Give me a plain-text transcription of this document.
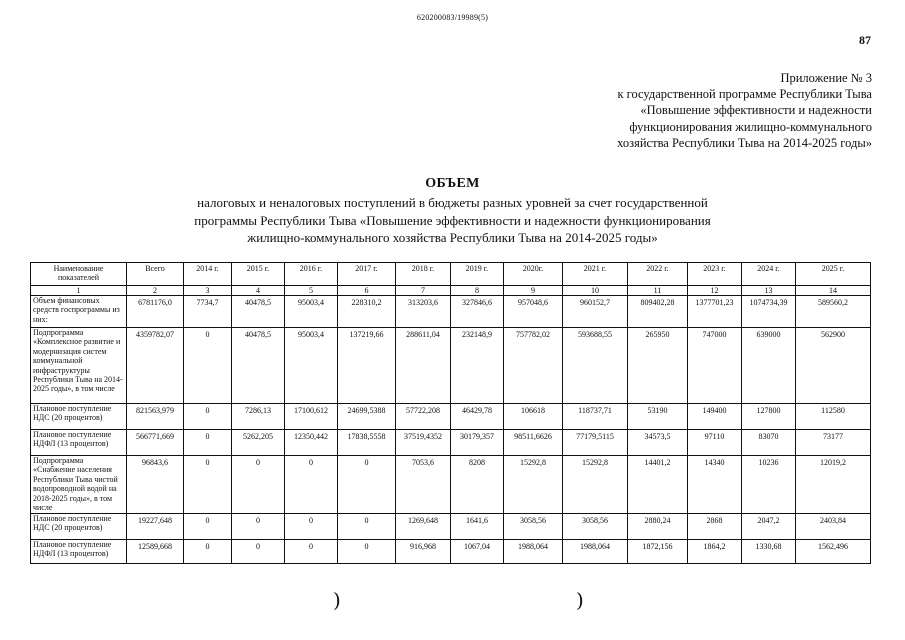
620200083/19989(5)
87
Приложение № 3
к государственной программе Республики Тыва
«Повышение эффективности и надежности
функционирования жилищно-коммунального
хозяйства Республики Тыва на 2014-2025 годы»
ОБЪЕМ
налоговых и неналоговых поступлений в бюджеты разных уровней за счет государственной
программы Республики Тыва «Повышение эффективности и надежности функционирования
жилищно-коммунального хозяйства Республики Тыва на 2014-2025 годы»
Наименование показателей	Всего	2014 г.	2015 г.	2016 г.	2017 г.	2018 г.	2019 г.	2020г.	2021 г.	2022 г.	2023 г.	2024 г.	2025 г.
1	2	3	4	5	6	7	8	9	10	11	12	13	14
Объем финансовых средств госпрограммы из них:	6781176,0	7734,7	40478,5	95003,4	228310,2	313203,6	327846,6	957048,6	960152,7	809402,28	1377701,23	1074734,39	589560,2
Подпрограмма «Комплексное развитие и модернизация систем коммунальной инфраструктуры Республики Тыва на 2014-2025 годы», в том числе	4359782,07	0	40478,5	95003,4	137219,66	288611,04	232148,9	757782,02	593688,55	265950	747000	639000	562900
Плановое поступление НДС (20 процентов)	821563,979	0	7286,13	17100,612	24699,5388	57722,208	46429,78	106618	118737,71	53190	149400	127800	112580
Плановое поступление НДФЛ (13 процентов)	566771,669	0	5262,205	12350,442	17838,5558	37519,4352	30179,357	98511,6626	77179,5115	34573,5	97110	83070	73177
Подпрограмма «Снабжение населения Республики Тыва чистой водопроводной водой на 2018-2025 годы», в том числе	96843,6	0	0	0	0	7053,6	8208	15292,8	15292,8	14401,2	14340	10236	12019,2
Плановое поступление НДС (20 процентов)	19227,648	0	0	0	0	1269,648	1641,6	3058,56	3058,56	2880,24	2868	2047,2	2403,84
Плановое поступление НДФЛ (13 процентов)	12589,668	0	0	0	0	916,968	1067,04	1988,064	1988,064	1872,156	1864,2	1330,68	1562,496
)	)
